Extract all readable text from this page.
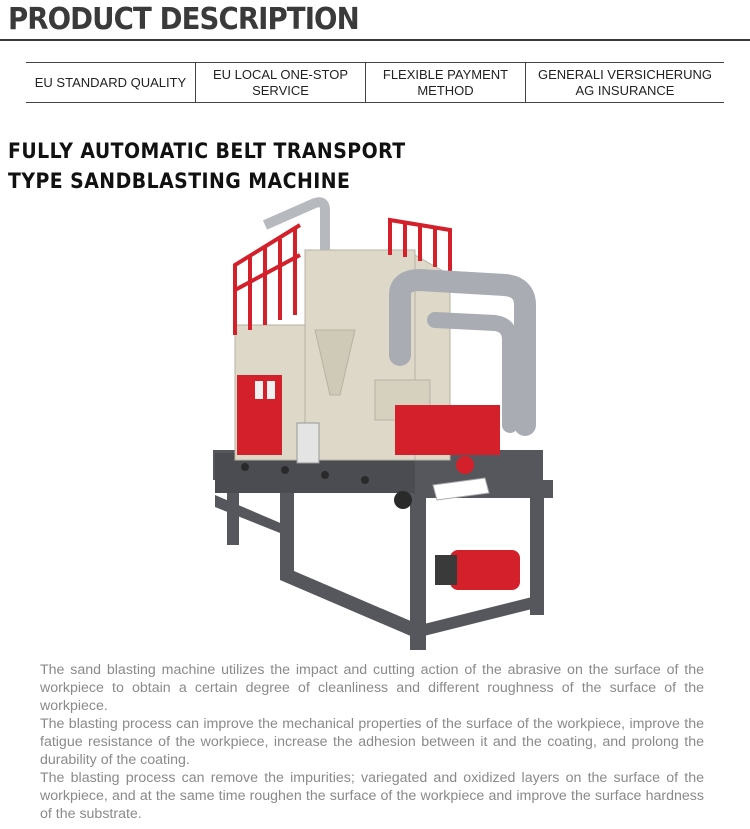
PRODUCT DESCRIPTION
EU STANDARD QUALITY
EU LOCAL ONE-STOP SERVICE
FLEXIBLE PAYMENT METHOD
GENERALI VERSICHERUNG AG INSURANCE
FULLY AUTOMATIC BELT TRANSPORT
TYPE SANDBLASTING MACHINE

The sand blasting machine utilizes the impact and cutting action of the abrasive on the surface of the workpiece to obtain a certain degree of cleanliness and different roughness of the surface of the workpiece.

The blasting process can improve the mechanical properties of the surface of the workpiece, improve the fatigue resistance of the workpiece, increase the adhesion between it and the coating, and prolong the durability of the coating.

The blasting process can remove the impurities; variegated and oxidized layers on the surface of the workpiece, and at the same time roughen the surface of the workpiece and improve the surface hardness of the substrate.
